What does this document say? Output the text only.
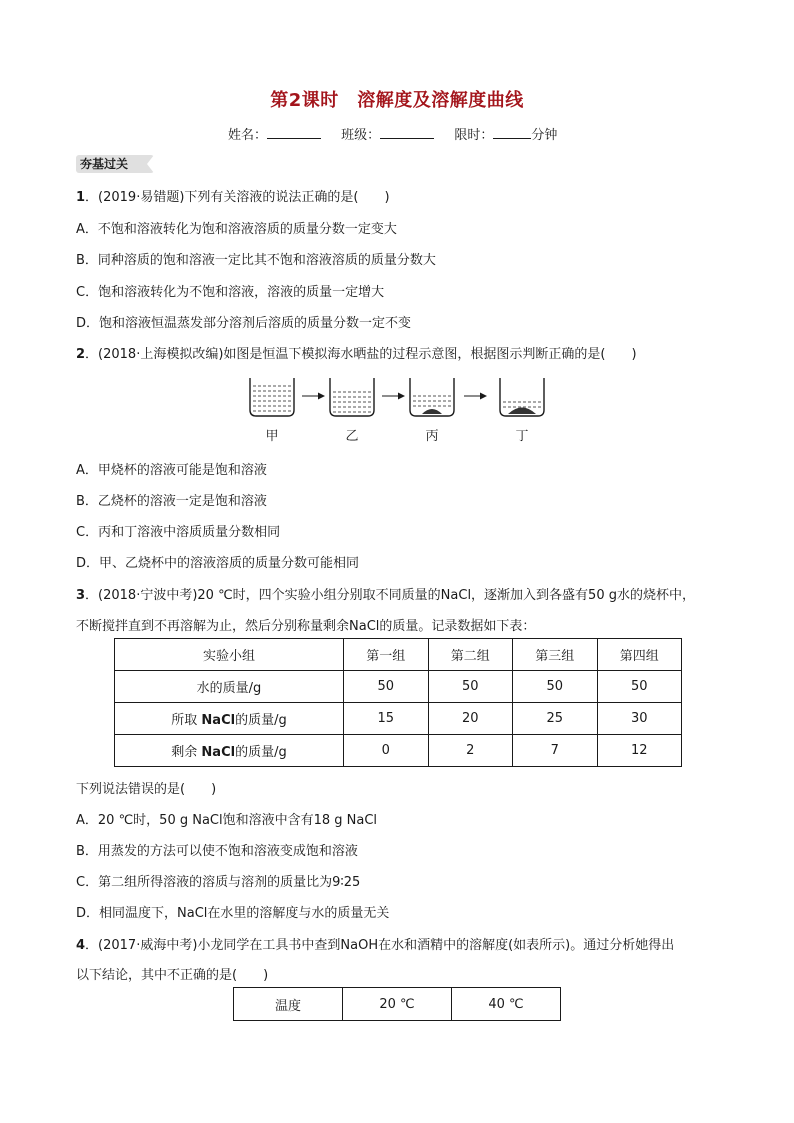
第2课时　溶解度及溶解度曲线
姓名：	班级：	限时：	分钟
夯基过关
1．(2019·易错题)下列有关溶液的说法正确的是(　　)
A．不饱和溶液转化为饱和溶液溶质的质量分数一定变大
B．同种溶质的饱和溶液一定比其不饱和溶液溶质的质量分数大
C．饱和溶液转化为不饱和溶液，溶液的质量一定增大
D．饱和溶液恒温蒸发部分溶剂后溶质的质量分数一定不变
2．(2018·上海模拟改编)如图是恒温下模拟海水晒盐的过程示意图，根据图示判断正确的是(　　)
甲	乙	丙	丁
A．甲烧杯的溶液可能是饱和溶液
B．乙烧杯的溶液一定是饱和溶液
C．丙和丁溶液中溶质质量分数相同
D．甲、乙烧杯中的溶液溶质的质量分数可能相同
3．(2018·宁波中考)20 ℃时，四个实验小组分别取不同质量的NaCl，逐渐加入到各盛有50 g水的烧杯中，
不断搅拌直到不再溶解为止，然后分别称量剩余NaCl的质量。记录数据如下表：
实验小组	第一组	第二组	第三组	第四组
水的质量/g	50	50	50	50
所取 NaCl的质量/g	15	20	25	30
剩余 NaCl的质量/g	0	2	7	12
下列说法错误的是(　　)
A．20 ℃时，50 g NaCl饱和溶液中含有18 g NaCl
B．用蒸发的方法可以使不饱和溶液变成饱和溶液
C．第二组所得溶液的溶质与溶剂的质量比为9∶25
D．相同温度下，NaCl在水里的溶解度与水的质量无关
4．(2017·威海中考)小龙同学在工具书中查到NaOH在水和酒精中的溶解度(如表所示)。通过分析她得出
以下结论，其中不正确的是(　　)
温度	20 ℃	40 ℃
